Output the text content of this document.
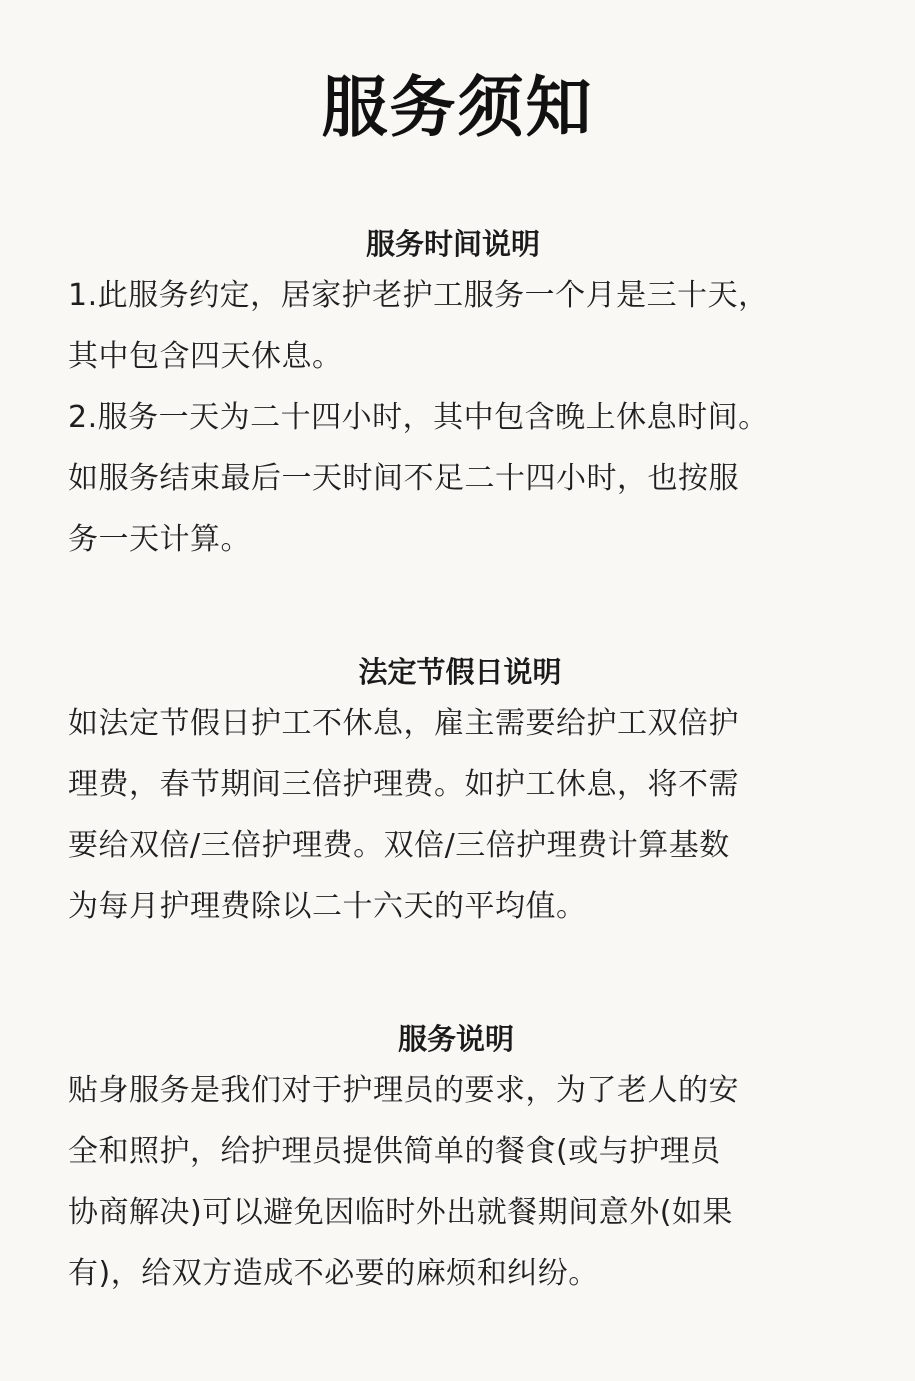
服务须知
服务时间说明

1.此服务约定，居家护老护工服务一个月是三十天，
其中包含四天休息。
2.服务一天为二十四小时，其中包含晚上休息时间。
如服务结束最后一天时间不足二十四小时，也按服
务一天计算。

法定节假日说明

如法定节假日护工不休息，雇主需要给护工双倍护
理费，春节期间三倍护理费。如护工休息，将不需
要给双倍/三倍护理费。双倍/三倍护理费计算基数
为每月护理费除以二十六天的平均值。

服务说明

贴身服务是我们对于护理员的要求，为了老人的安
全和照护，给护理员提供简单的餐食(或与护理员
协商解决)可以避免因临时外出就餐期间意外(如果
有)，给双方造成不必要的麻烦和纠纷。
